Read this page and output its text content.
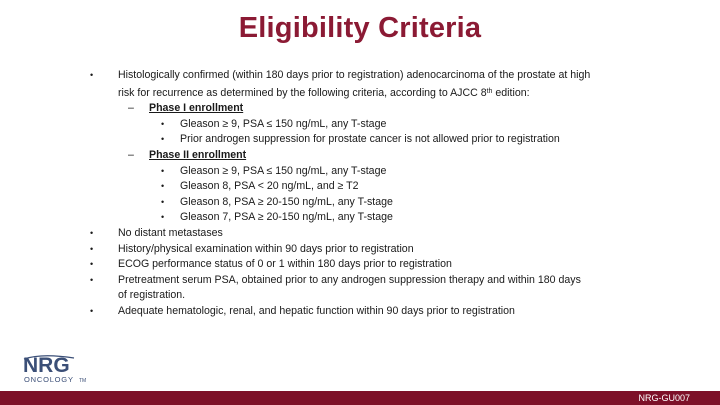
Eligibility Criteria
• Histologically confirmed (within 180 days prior to registration) adenocarcinoma of the prostate at high
risk for recurrence as determined by the following criteria, according to AJCC 8th edition:
– Phase I enrollment
• Gleason ≥ 9, PSA ≤ 150 ng/mL, any T-stage
• Prior androgen suppression for prostate cancer is not allowed prior to registration
– Phase II enrollment
• Gleason ≥ 9, PSA ≤ 150 ng/mL, any T-stage
• Gleason 8, PSA < 20 ng/mL, and ≥ T2
• Gleason 8, PSA ≥ 20-150 ng/mL, any T-stage
• Gleason 7, PSA ≥ 20-150 ng/mL, any T-stage
• No distant metastases
• History/physical examination within 90 days prior to registration
• ECOG performance status of 0 or 1 within 180 days prior to registration
• Pretreatment serum PSA, obtained prior to any androgen suppression therapy and within 180 days
of registration.
• Adequate hematologic, renal, and hepatic function within 90 days prior to registration
NRG
ONCOLOGY TM
NRG-GU007
